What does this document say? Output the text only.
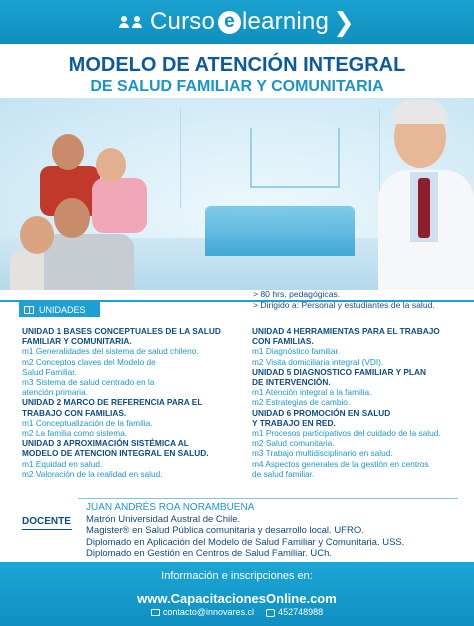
Curso e learning ❯
MODELO DE ATENCIÓN INTEGRAL
DE SALUD FAMILIAR Y COMUNITARIA
UNIDADES
> 80 hrs. pedagógicas.
> Dirigido a: Personal y estudiantes de la salud.
UNIDAD 1 BASES CONCEPTUALES DE LA SALUD
FAMILIAR Y COMUNITARIA.
m1 Generalidades del sistema de salud chileno.
m2 Conceptos claves del Modelo de
Salud Familiar.
m3 Sistema de salud centrado en la
atención primaria.
UNIDAD 2 MARCO DE REFERENCIA PARA EL
TRABAJO CON FAMILIAS.
m1 Conceptualización de la familia.
m2 La familia como sistema.
UNIDAD 3 APROXIMACIÓN SISTÉMICA AL
MODELO DE ATENCION INTEGRAL EN SALUD.
m1 Equidad en salud.
m2 Valoración de la realidad en salud.
UNIDAD 4 HERRAMIENTAS PARA EL TRABAJO
CON FAMILIAS.
m1 Diagnóstico familiar.
m2 Visita domiciliaria integral (VDI).
UNIDAD 5 DIAGNOSTICO FAMILIAR Y PLAN
DE INTERVENCIÓN.
m1 Atención integral a la familia.
m2 Estrategias de cambio.
UNIDAD 6 PROMOCIÓN EN SALUD
Y TRABAJO EN RED.
m1 Procesos participativos del cuidado de la salud.
m2 Salud comunitaria.
m3 Trabajo multidisciplinario en salud.
m4 Aspectos generales de la gestión en centros
de salud familiar.
DOCENTE
JUAN ANDRÉS ROA NORAMBUENA
Matrón Universidad Austral de Chile.
Magister® en Salud Pública comunitaria y desarrollo local. UFRO.
Diplomado en Aplicación del Modelo de Salud Familiar y Comunitaria. USS.
Diplomado en Gestión en Centros de Salud Familiar. UCh.
Información e inscripciones en:
www.CapacitacionesOnline.com
contacto@innovares.cl	452748988
